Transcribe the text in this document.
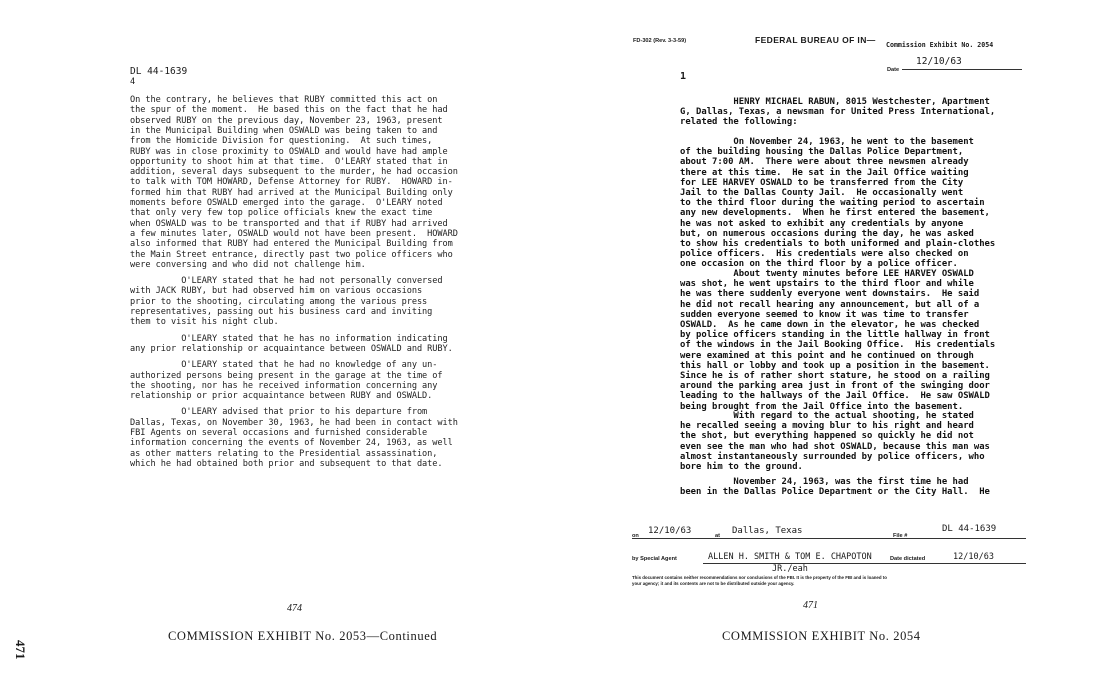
DL 44-1639
4
On the contrary, he believes that RUBY committed this act on
the spur of the moment.  He based this on the fact that he had
observed RUBY on the previous day, November 23, 1963, present
in the Municipal Building when OSWALD was being taken to and
from the Homicide Division for questioning.  At such times,
RUBY was in close proximity to OSWALD and would have had ample
opportunity to shoot him at that time.  O'LEARY stated that in
addition, several days subsequent to the murder, he had occasion
to talk with TOM HOWARD, Defense Attorney for RUBY.  HOWARD in-
formed him that RUBY had arrived at the Municipal Building only
moments before OSWALD emerged into the garage.  O'LEARY noted
that only very few top police officials knew the exact time
when OSWALD was to be transported and that if RUBY had arrived
a few minutes later, OSWALD would not have been present.  HOWARD
also informed that RUBY had entered the Municipal Building from
the Main Street entrance, directly past two police officers who
were conversing and who did not challenge him.
O'LEARY stated that he had not personally conversed
with JACK RUBY, but had observed him on various occasions
prior to the shooting, circulating among the various press
representatives, passing out his business card and inviting
them to visit his night club.
O'LEARY stated that he has no information indicating
any prior relationship or acquaintance between OSWALD and RUBY.
O'LEARY stated that he had no knowledge of any un-
authorized persons being present in the garage at the time of
the shooting, nor has he received information concerning any
relationship or prior acquaintance between RUBY and OSWALD.
O'LEARY advised that prior to his departure from
Dallas, Texas, on November 30, 1963, he had been in contact with
FBI Agents on several occasions and furnished considerable
information concerning the events of November 24, 1963, as well
as other matters relating to the Presidential assassination,
which he had obtained both prior and subsequent to that date.
474
COMMISSION EXHIBIT No. 2053—Continued
471
FD-302 (Rev. 3-3-59)	FEDERAL BUREAU OF IN— Commission Exhibit No. 2054
12/10/63
Date
1
HENRY MICHAEL RABUN, 8015 Westchester, Apartment
G, Dallas, Texas, a newsman for United Press International,
related the following:
On November 24, 1963, he went to the basement
of the building housing the Dallas Police Department,
about 7:00 AM.  There were about three newsmen already
there at this time.  He sat in the Jail Office waiting
for LEE HARVEY OSWALD to be transferred from the City
Jail to the Dallas County Jail.  He occasionally went
to the third floor during the waiting period to ascertain
any new developments.  When he first entered the basement,
he was not asked to exhibit any credentials by anyone
but, on numerous occasions during the day, he was asked
to show his credentials to both uniformed and plain-clothes
police officers.  His credentials were also checked on
one occasion on the third floor by a police officer.
About twenty minutes before LEE HARVEY OSWALD
was shot, he went upstairs to the third floor and while
he was there suddenly everyone went downstairs.  He said
he did not recall hearing any announcement, but all of a
sudden everyone seemed to know it was time to transfer
OSWALD.  As he came down in the elevator, he was checked
by police officers standing in the little hallway in front
of the windows in the Jail Booking Office.  His credentials
were examined at this point and he continued on through
this hall or lobby and took up a position in the basement.
Since he is of rather short stature, he stood on a railing
around the parking area just in front of the swinging door
leading to the hallways of the Jail Office.  He saw OSWALD
being brought from the Jail Office into the basement.
With regard to the actual shooting, he stated
he recalled seeing a moving blur to his right and heard
the shot, but everything happened so quickly he did not
even see the man who had shot OSWALD, because this man was
almost instantaneously surrounded by police officers, who
bore him to the ground.
November 24, 1963, was the first time he had
been in the Dallas Police Department or the City Hall.  He
on 12/10/63	at Dallas, Texas	File #
DL 44-1639
by Special Agent	ALLEN H. SMITH & TOM E. CHAPOTON	Date dictated	12/10/63
JR./eah
This document contains neither recommendations nor conclusions of the FBI. It is the property of the FBI and is loaned to
your agency; it and its contents are not to be distributed outside your agency.
471
COMMISSION EXHIBIT No. 2054
